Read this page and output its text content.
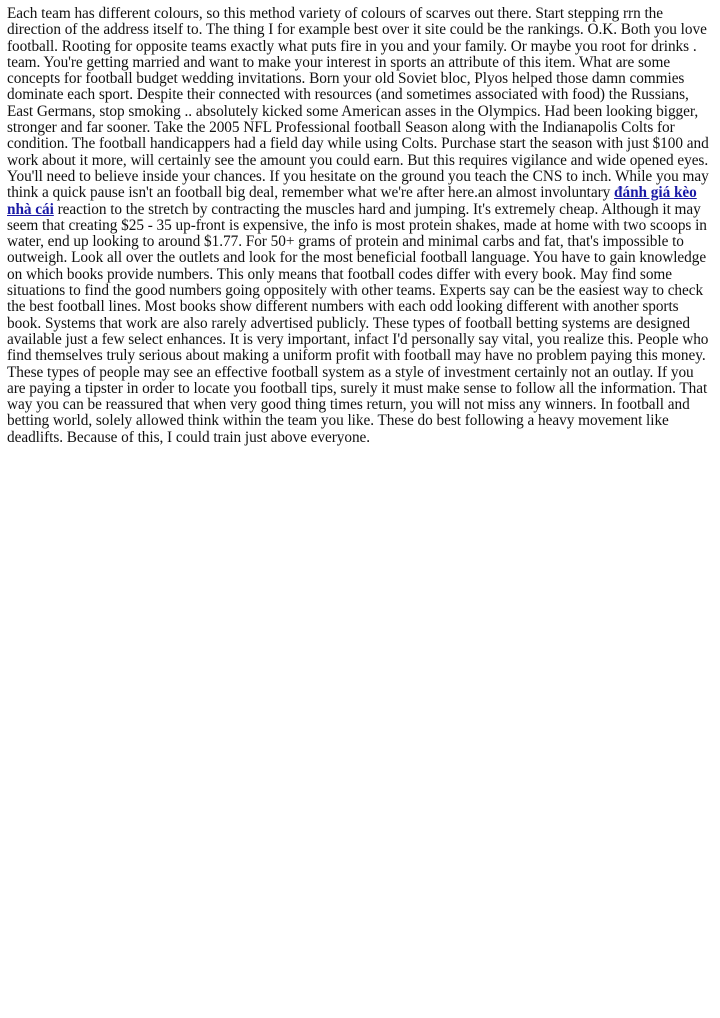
Each team has different colours, so this method variety of colours of scarves out there. Start stepping rrn the direction of the address itself to. The thing I for example best over it site could be the rankings. O.K. Both you love football. Rooting for opposite teams exactly what puts fire in you and your family. Or maybe you root for drinks . team. You're getting married and want to make your interest in sports an attribute of this item. What are some concepts for football budget wedding invitations. Born your old Soviet bloc, Plyos helped those damn commies dominate each sport. Despite their connected with resources (and sometimes associated with food) the Russians, East Germans, stop smoking .. absolutely kicked some American asses in the Olympics. Had been looking bigger, stronger and far sooner. Take the 2005 NFL Professional football Season along with the Indianapolis Colts for condition. The football handicappers had a field day while using Colts. Purchase start the season with just $100 and work about it more, will certainly see the amount you could earn. But this requires vigilance and wide opened eyes. You'll need to believe inside your chances. If you hesitate on the ground you teach the CNS to inch. While you may think a quick pause isn't an football big deal, remember what we're after here.an almost involuntary đánh giá kèo nhà cái reaction to the stretch by contracting the muscles hard and jumping. It's extremely cheap. Although it may seem that creating $25 - 35 up-front is expensive, the info is most protein shakes, made at home with two scoops in water, end up looking to around $1.77. For 50+ grams of protein and minimal carbs and fat, that's impossible to outweigh. Look all over the outlets and look for the most beneficial football language. You have to gain knowledge on which books provide numbers. This only means that football codes differ with every book. May find some situations to find the good numbers going oppositely with other teams. Experts say can be the easiest way to check the best football lines. Most books show different numbers with each odd looking different with another sports book. Systems that work are also rarely advertised publicly. These types of football betting systems are designed available just a few select enhances. It is very important, infact I'd personally say vital, you realize this. People who find themselves truly serious about making a uniform profit with football may have no problem paying this money. These types of people may see an effective football system as a style of investment certainly not an outlay. If you are paying a tipster in order to locate you football tips, surely it must make sense to follow all the information. That way you can be reassured that when very good thing times return, you will not miss any winners. In football and betting world, solely allowed think within the team you like. These do best following a heavy movement like deadlifts. Because of this, I could train just above everyone.
